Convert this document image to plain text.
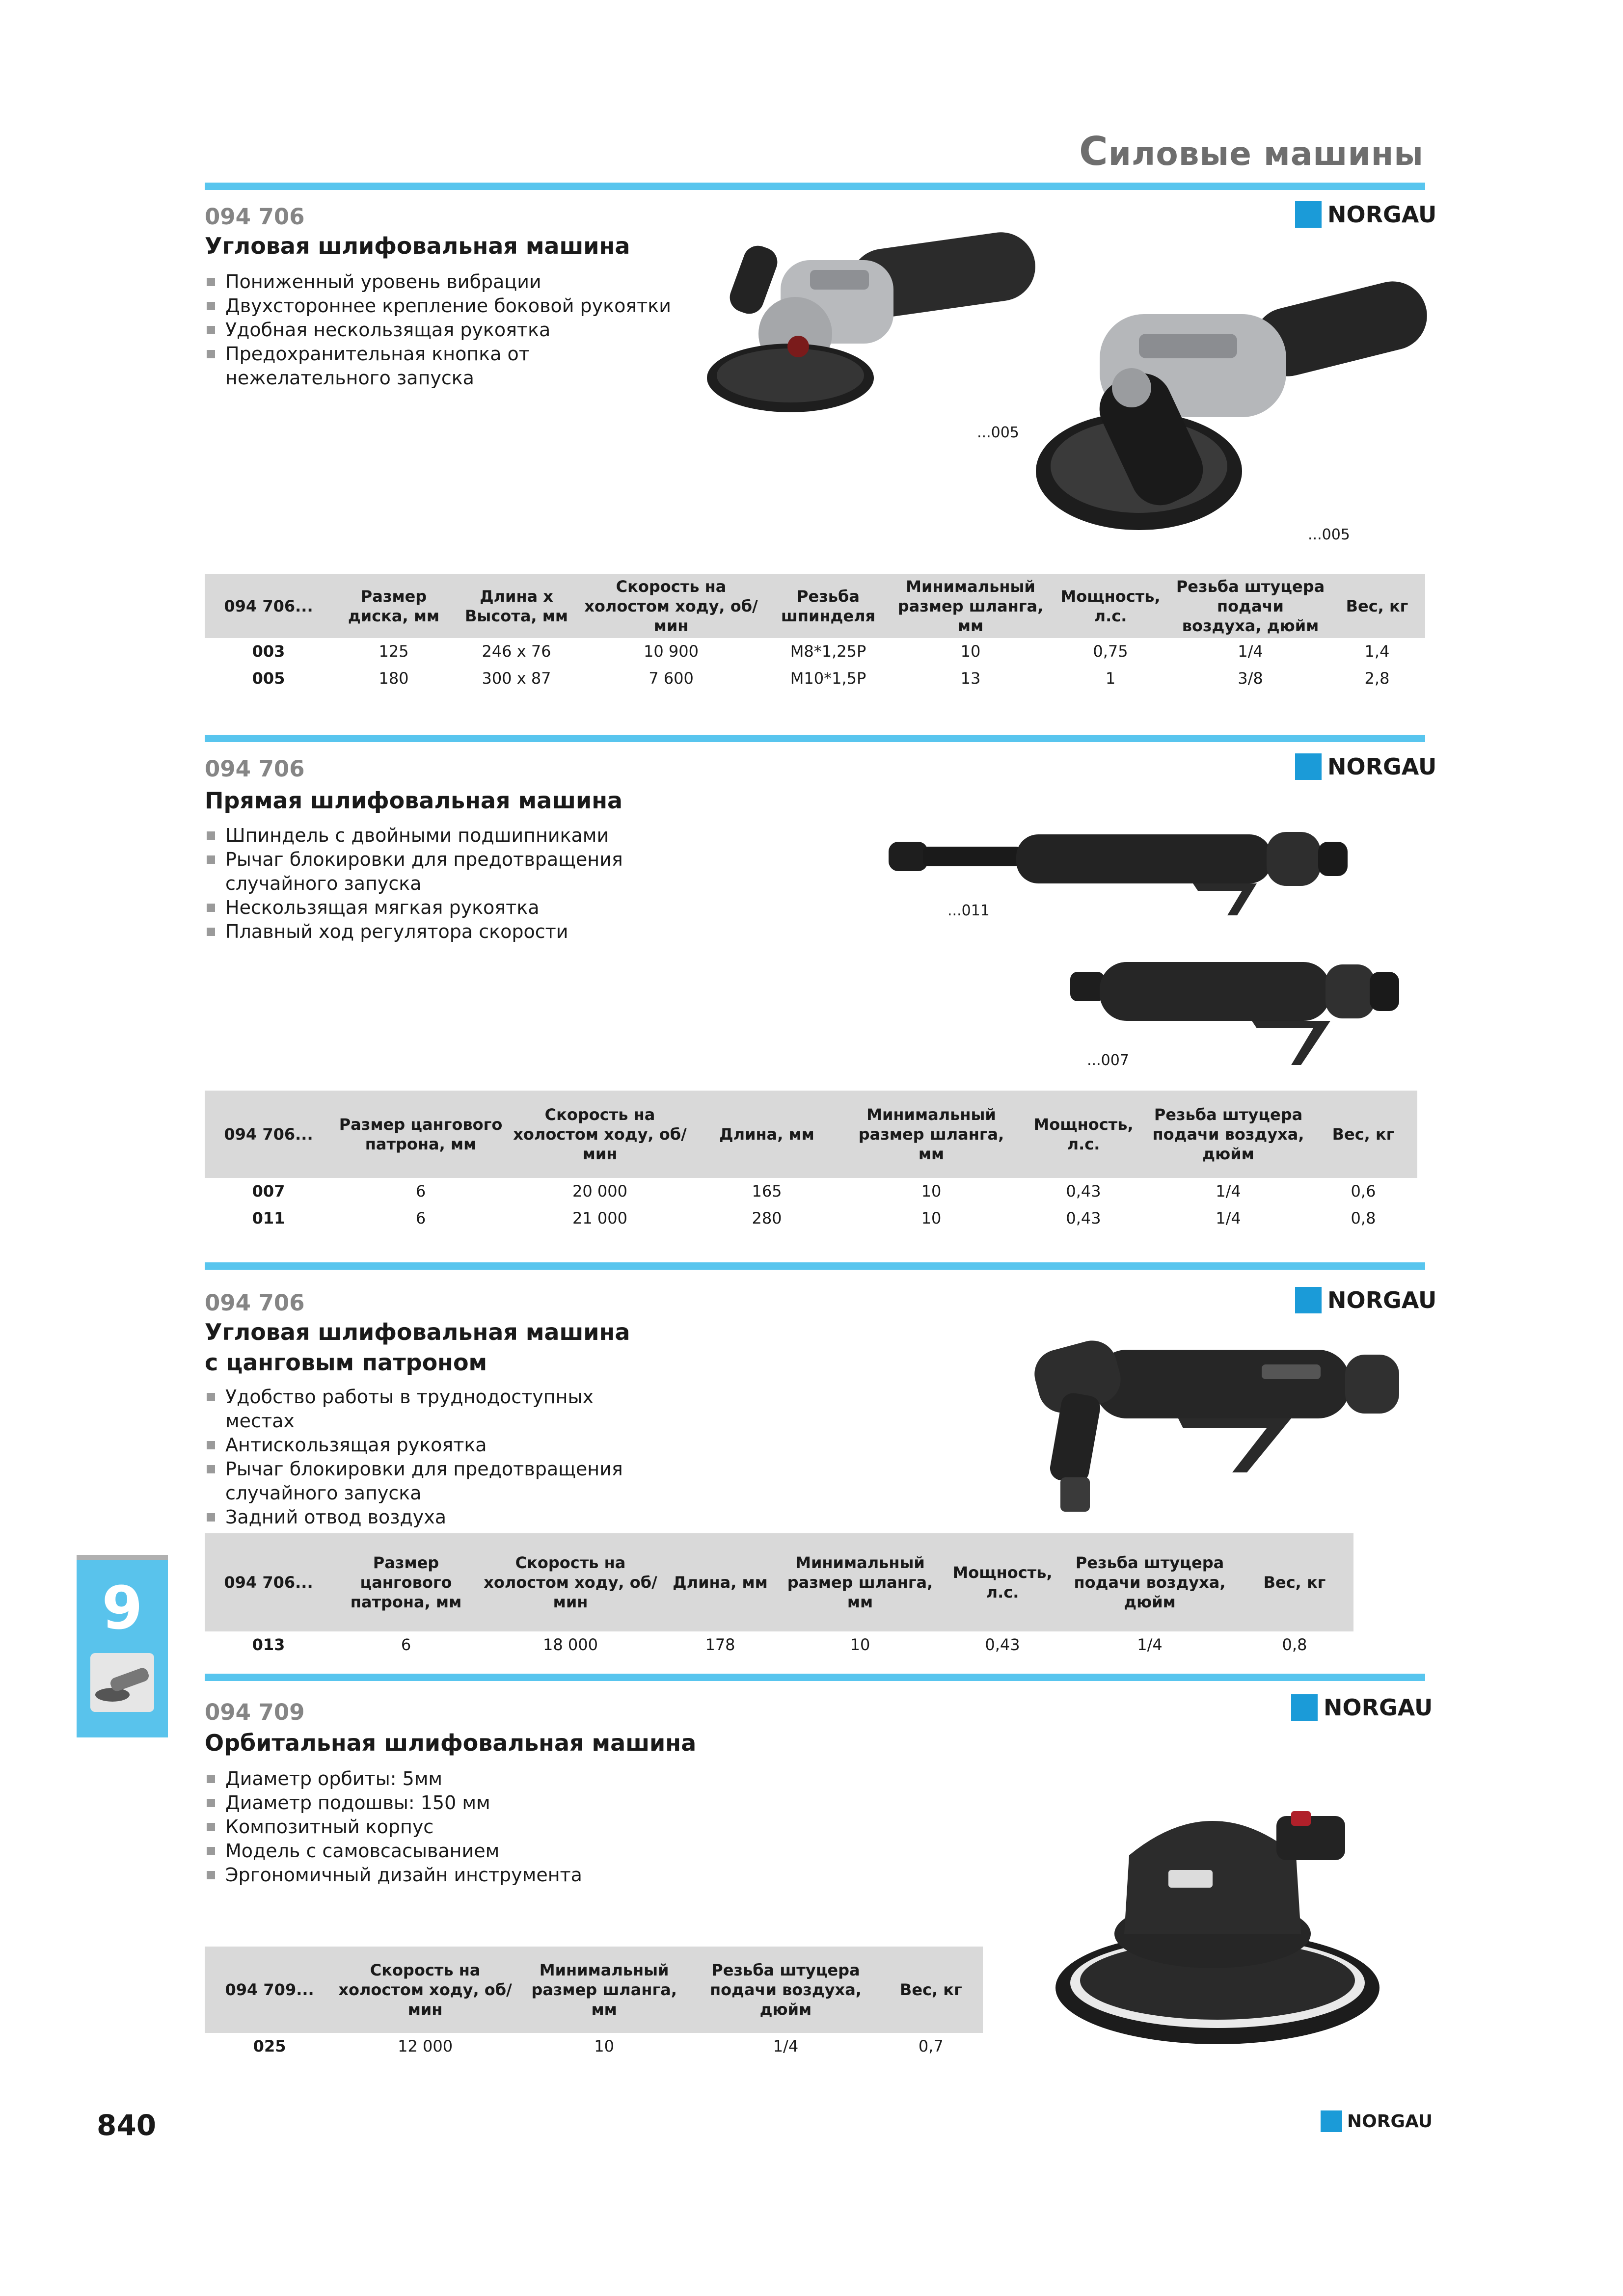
Силовые машины
094 706
Угловая шлифовальная машина
NORGAU
Пониженный уровень вибрации
Двухстороннее крепление боковой рукоятки
Удобная нескользящая рукоятка
Предохранительная кнопка от нежелательного запуска
...005
...005
094 706...	Размер диска, мм	Длина x Высота, мм	Скорость на холостом ходу, об/мин	Резьба шпинделя	Минимальный размер шланга, мм	Мощность, л.с.	Резьба штуцера подачи воздуха, дюйм	Вес, кг
003	125	246 x 76	10 900	M8*1,25P	10	0,75	1/4	1,4
005	180	300 x 87	7 600	M10*1,5P	13	1	3/8	2,8
094 706
Прямая шлифовальная машина
NORGAU
Шпиндель с двойными подшипниками
Рычаг блокировки для предотвращения случайного запуска
Нескользящая мягкая рукоятка
Плавный ход регулятора скорости
...011
...007
094 706...	Размер цангового патрона, мм	Скорость на холостом ходу, об/мин	Длина, мм	Минимальный размер шланга, мм	Мощность, л.с.	Резьба штуцера подачи воздуха, дюйм	Вес, кг
007	6	20 000	165	10	0,43	1/4	0,6
011	6	21 000	280	10	0,43	1/4	0,8
094 706
Угловая шлифовальная машина
с цанговым патроном
NORGAU
Удобство работы в труднодоступных местах
Антискользящая рукоятка
Рычаг блокировки для предотвращения случайного запуска
Задний отвод воздуха
094 706...	Размер цангового патрона, мм	Скорость на холостом ходу, об/мин	Длина, мм	Минимальный размер шланга, мм	Мощность, л.с.	Резьба штуцера подачи воздуха, дюйм	Вес, кг
013	6	18 000	178	10	0,43	1/4	0,8
094 709
Орбитальная шлифовальная машина
NORGAU
Диаметр орбиты: 5мм
Диаметр подошвы: 150 мм
Композитный корпус
Модель с самовсасыванием
Эргономичный дизайн инструмента
094 709...	Скорость на холостом ходу, об/мин	Минимальный размер шланга, мм	Резьба штуцера подачи воздуха, дюйм	Вес, кг
025	12 000	10	1/4	0,7
9
840	NORGAU
